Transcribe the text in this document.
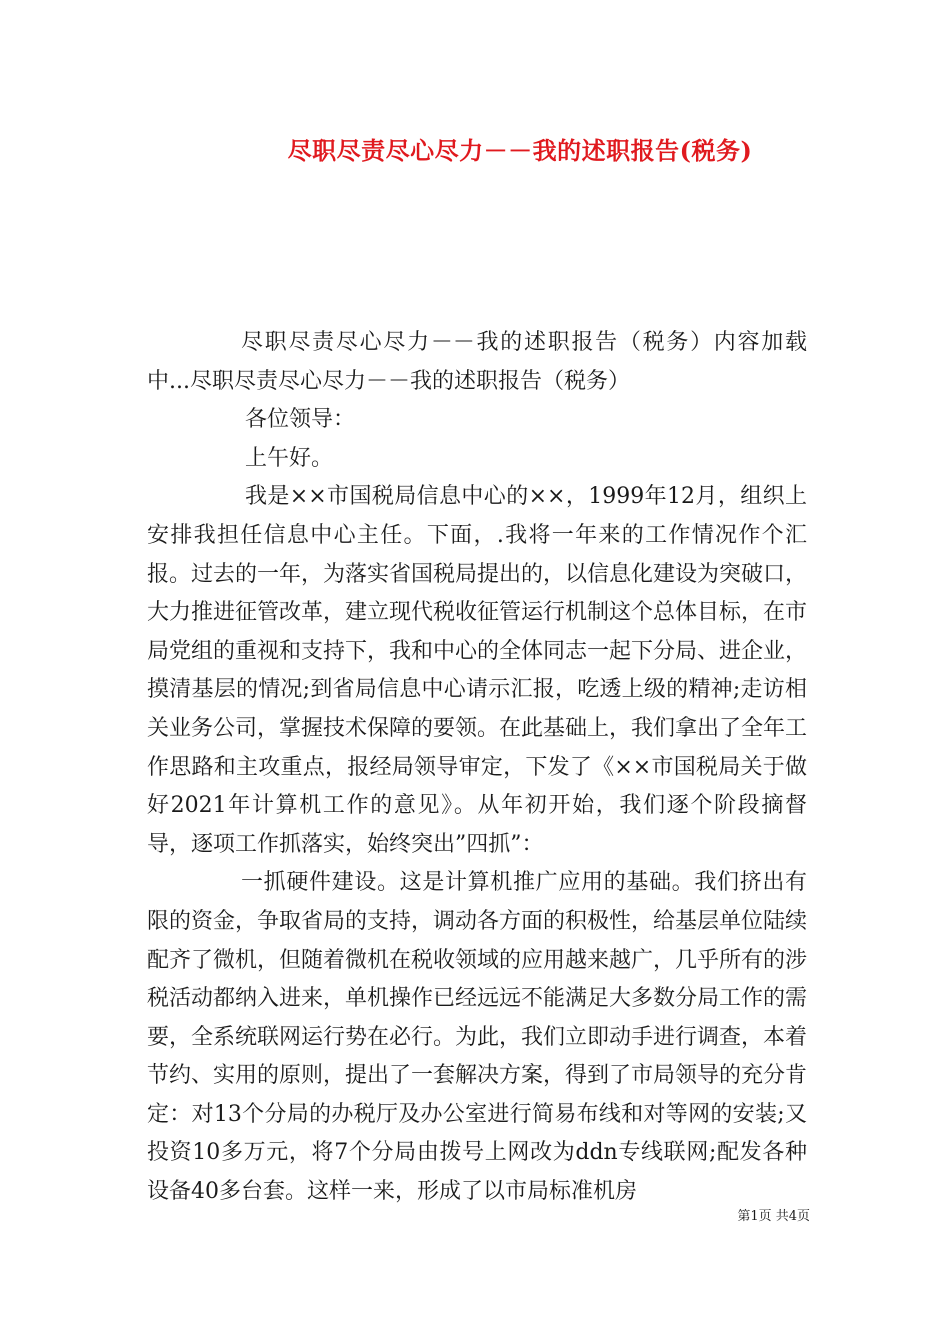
尽职尽责尽心尽力－－我的述职报告(税务)

尽职尽责尽心尽力－－我的述职报告（税务）内容加载中...尽职尽责尽心尽力－－我的述职报告（税务）

各位领导：

上午好。

我是××市国税局信息中心的××，1999年12月，组织上安排我担任信息中心主任。下面，.我将一年来的工作情况作个汇报。过去的一年，为落实省国税局提出的，以信息化建设为突破口，大力推进征管改革，建立现代税收征管运行机制这个总体目标，在市局党组的重视和支持下，我和中心的全体同志一起下分局、进企业，摸清基层的情况;到省局信息中心请示汇报，吃透上级的精神;走访相关业务公司，掌握技术保障的要领。在此基础上，我们拿出了全年工作思路和主攻重点，报经局领导审定，下发了《××市国税局关于做好2021年计算机工作的意见》。从年初开始，我们逐个阶段摘督导，逐项工作抓落实，始终突出”四抓”：

一抓硬件建设。这是计算机推广应用的基础。我们挤出有限的资金，争取省局的支持，调动各方面的积极性，给基层单位陆续配齐了微机，但随着微机在税收领域的应用越来越广，几乎所有的涉税活动都纳入进来，单机操作已经远远不能满足大多数分局工作的需要，全系统联网运行势在必行。为此，我们立即动手进行调查，本着节约、实用的原则，提出了一套解决方案，得到了市局领导的充分肯定：对13个分局的办税厅及办公室进行简易布线和对等网的安装;又投资10多万元，将7个分局由拨号上网改为ddn专线联网;配发各种设备40多台套。这样一来，形成了以市局标准机房

第1页 共4页
